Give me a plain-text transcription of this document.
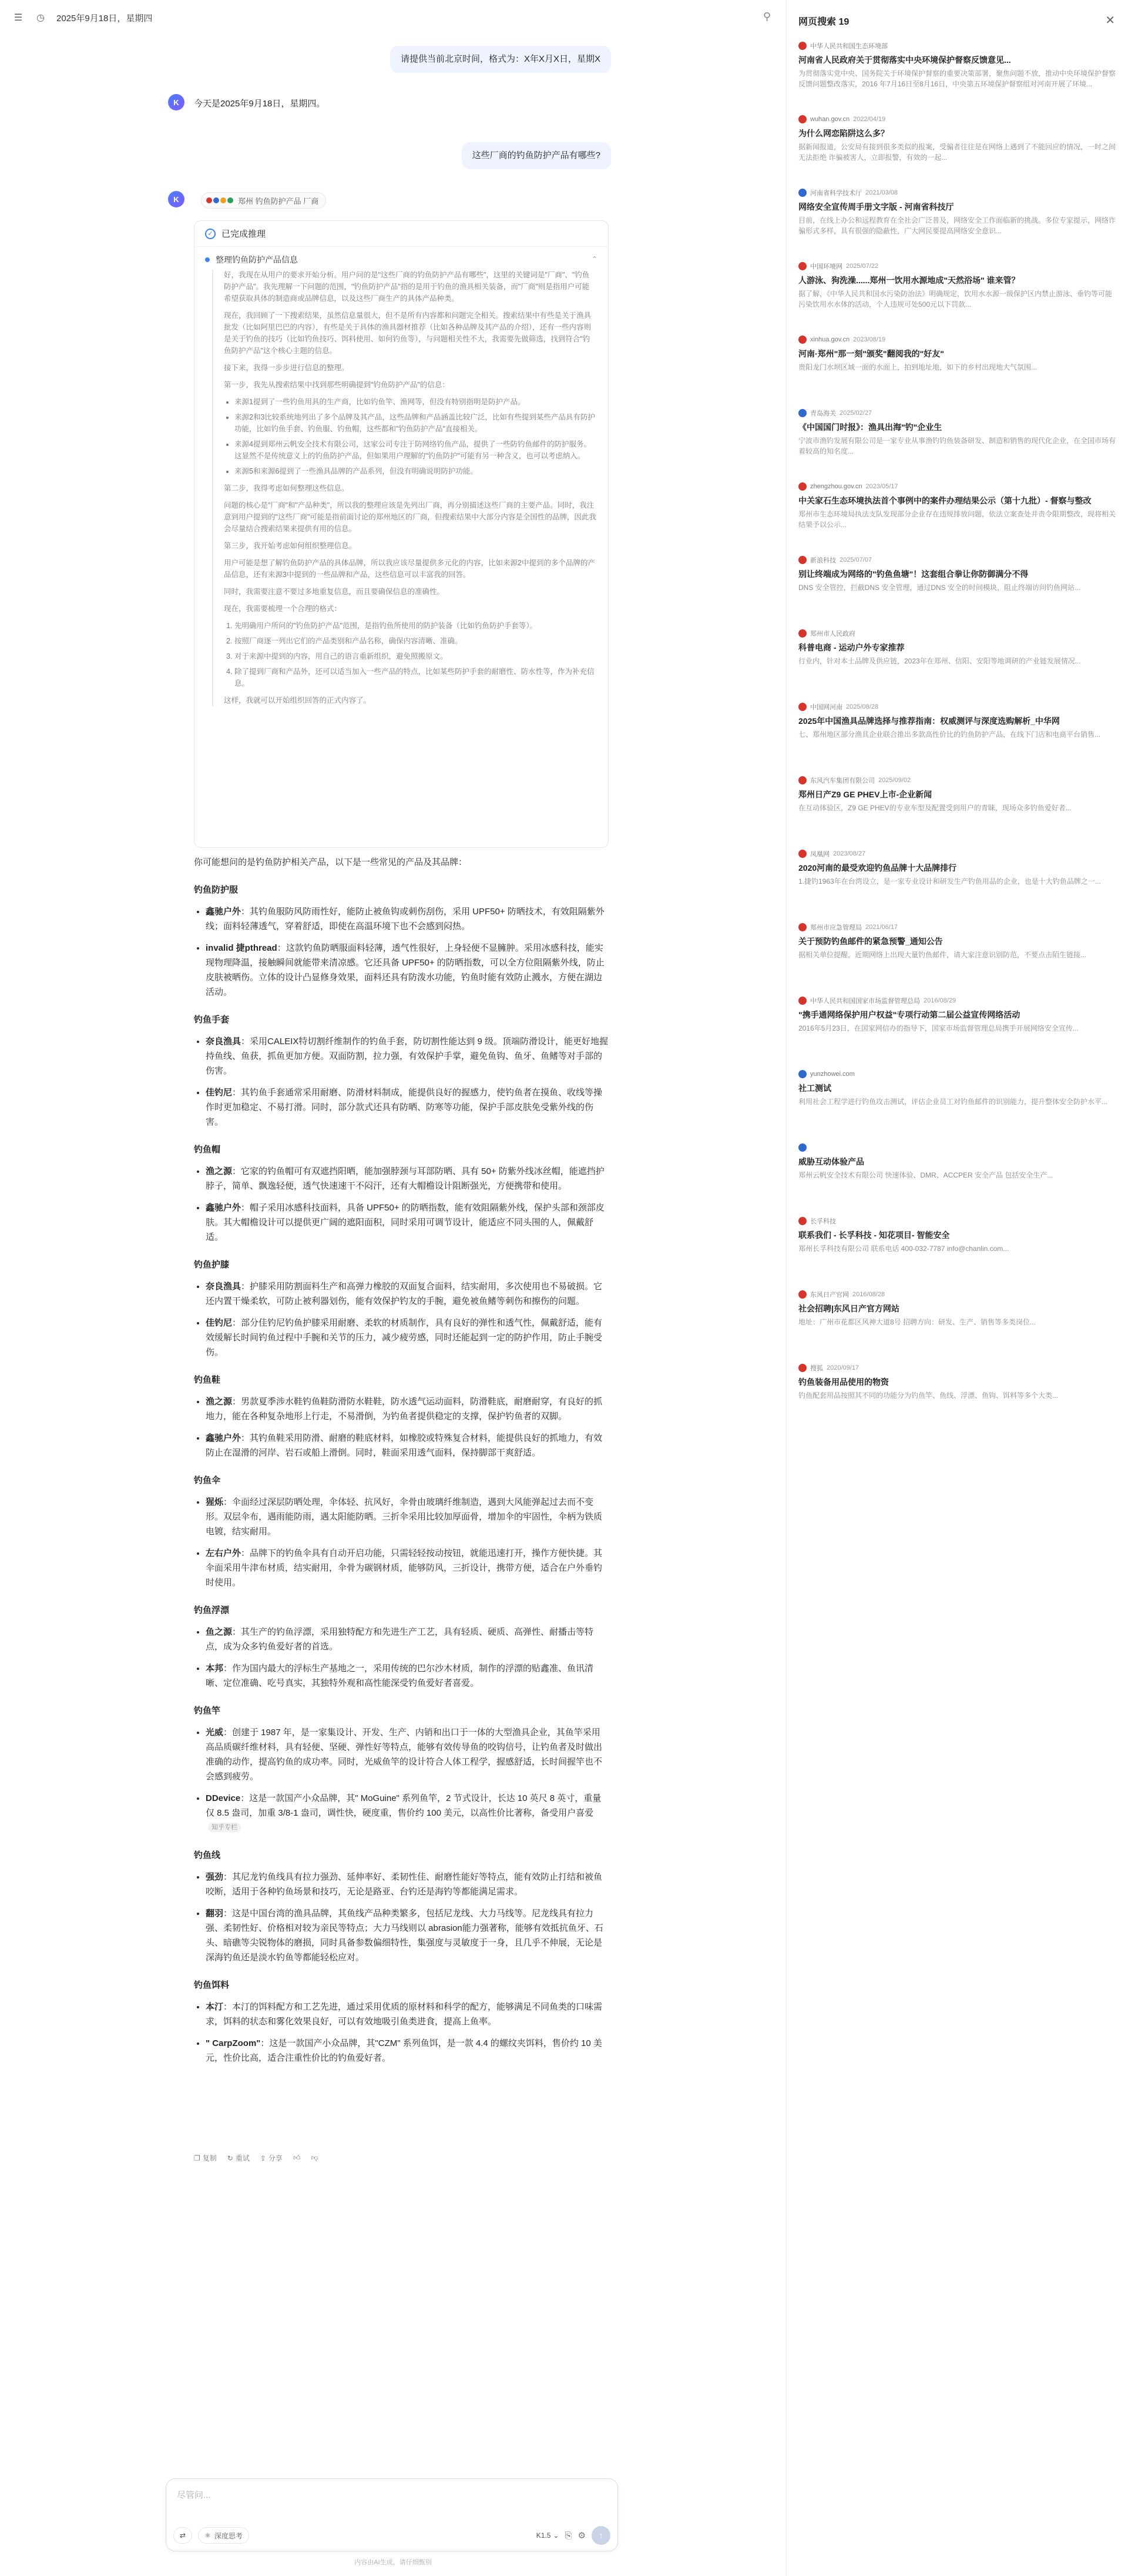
☰ ◷ 2025年9月18日，星期四	⚲
请提供当前北京时间，格式为：X年X月X日，星期X
K	今天是2025年9月18日，星期四。
这些厂商的钓鱼防护产品有哪些?
K	郑州 钓鱼防护产品 厂商
✓ 已完成推理
整理钓鱼防护产品信息	⌃

好，我现在从用户的要求开始分析。用户问的是"这些厂商的钓鱼防护产品有哪些"，这里的关键词是"厂商"、"钓鱼防护产品"。我先理解一下问题的范围，"钓鱼防护产品"指的是用于钓鱼的渔具相关装备，而"厂商"则是指用户可能希望获取具体的制造商或品牌信息，以及这些厂商生产的具体产品种类。

现在，我回顾了一下搜索结果，虽然信息量很大，但不是所有内容都和问题完全相关。搜索结果中有些是关于渔具批发（比如阿里巴巴的内容），有些是关于具体的渔具器材推荐（比如各种品牌及其产品的介绍），还有一些内容则是关于钓鱼的技巧（比如钓鱼技巧、饵料使用、如何钓鱼等），与问题相关性不大，我需要先做筛选，找到符合"钓鱼防护产品"这个核心主题的信息。

接下来，我得一步步进行信息的整理。

第一步，我先从搜索结果中找到那些明确提到"钓鱼防护产品"的信息：

• 来源1提到了一些钓鱼用具的生产商，比如钓鱼竿、渔网等，但没有特别指明是防护产品。
• 来源2和3比较系统地列出了多个品牌及其产品，这些品牌和产品涵盖比较广泛，比如有些提到某些产品具有防护功能，比如钓鱼手套、钓鱼服、钓鱼帽，这些都和"钓鱼防护产品"直接相关。
• 来源4提到郑州云帆安全技术有限公司，这家公司专注于防网络钓鱼产品，提供了一些防钓鱼邮件的防护服务。这显然不是传统意义上的钓鱼防护产品，但如果用户理解的"钓鱼防护"可能有另一种含义，也可以考虑纳入。
• 来源5和来源6提到了一些渔具品牌的产品系列，但没有明确说明防护功能。

第二步，我得考虑如何整理这些信息。

问题的核心是"厂商"和"产品种类"，所以我的整理应该是先列出厂商，再分别描述这些厂商的主要产品。同时，我注意到用户提到的"这些厂商"可能是指前面讨论的郑州地区的厂商，但搜索结果中大部分内容是全国性的品牌，因此我会尽量结合搜索结果来提供有用的信息。

第三步，我开始考虑如何组织整理信息。

用户可能是想了解钓鱼防护产品的具体品牌，所以我应该尽量提供多元化的内容，比如来源2中提到的多个品牌的产品信息，还有来源3中提到的一些品牌和产品，这些信息可以丰富我的回答。

同时，我需要注意不要过多地重复信息，而且要确保信息的准确性。

现在，我需要梳理一个合理的格式：

1. 先明确用户所问的"钓鱼防护产品"范围，是指钓鱼所使用的防护装备（比如钓鱼防护手套等）。
2. 按照厂商逐一列出它们的产品类别和产品名称，确保内容清晰、准确。
3. 对于来源中提到的内容，用自己的语言重新组织，避免照搬原文。
4. 除了提到厂商和产品外，还可以适当加入一些产品的特点，比如某些防护手套的耐磨性、防水性等，作为补充信息。

这样，我就可以开始组织回答的正式内容了。

你可能想问的是钓鱼防护相关产品，以下是一些常见的产品及其品牌：
钓鱼防护服
• 鑫驰户外：其钓鱼服防风防雨性好，能防止被鱼钩或刺伤刮伤，采用 UPF50+ 防晒技术，有效阻隔紫外线；面料轻薄透气，穿着舒适，即使在高温环境下也不会感到闷热。
• invalid 捷pthread：这款钓鱼防晒服面料轻薄，透气性很好，上身轻便不显臃肿。采用冰感科技，能实现物理降温，接触瞬间就能带来清凉感。它还具备 UPF50+ 的防晒指数，可以全方位阻隔紫外线，防止皮肤被晒伤。立体的设计凸显修身效果，面料还具有防泼水功能，钓鱼时能有效防止溅水，方便在湖边活动。
钓鱼手套
• 奈良渔具：采用CALEIX特切割纤维制作的钓鱼手套，防切割性能达到 9 级。顶端防滑设计，能更好地握持鱼线、鱼获，抓鱼更加方便。双面防割，拉力强，有效保护手掌，避免鱼钩、鱼牙、鱼鳍等对手部的伤害。
• 佳钓尼：其钓鱼手套通常采用耐磨、防滑材料制成，能提供良好的握感力，使钓鱼者在摸鱼、收线等操作时更加稳定、不易打滑。同时，部分款式还具有防晒、防寒等功能，保护手部皮肤免受紫外线的伤害。
钓鱼帽
• 渔之源：它家的钓鱼帽可有双遮挡阳晒，能加强脖颈与耳部防晒、具有 50+ 防紫外线冰丝帽，能遮挡护脖子，简单、飘逸轻便，透气快速速干不闷汗，还有大帽檐设计阻断强光，方便携带和使用。
• 鑫驰户外：帽子采用冰感科技面料，具备 UPF50+ 的防晒指数，能有效阻隔紫外线，保护头部和颈部皮肤。其大帽檐设计可以提供更广阔的遮阳面积，同时采用可调节设计，能适应不同头围的人，佩戴舒适。
钓鱼护膝
• 奈良渔具：护膝采用防割面料生产和高弹力橡胶的双面复合面料，结实耐用，多次使用也不易破损。它还内置干燥柔软，可防止被利器划伤，能有效保护钓友的手腕，避免被鱼鳍等刺伤和擦伤的问题。
• 佳钓尼：部分佳钓尼钓鱼护膝采用耐磨、柔软的材质制作，具有良好的弹性和透气性，佩戴舒适，能有效缓解长时间钓鱼过程中手腕和关节的压力，减少疲劳感，同时还能起到一定的防护作用，防止手腕受伤。
钓鱼鞋
• 渔之源：男款夏季涉水鞋钓鱼鞋防滑防水鞋鞋，防水透气运动面料，防滑鞋底，耐磨耐穿，有良好的抓地力，能在各种复杂地形上行走，不易滑倒，为钓鱼者提供稳定的支撑，保护钓鱼者的双脚。
• 鑫驰户外：其钓鱼鞋采用防滑、耐磨的鞋底材料，如橡胶或特殊复合材料，能提供良好的抓地力，有效防止在湿滑的河岸、岩石或船上滑倒。同时，鞋面采用透气面料，保持脚部干爽舒适。
钓鱼伞
• 猩烁：伞面经过深层防晒处理，伞体轻、抗风好，伞骨由玻璃纤维制造，遇到大风能弹起过去而不变形。双层伞布，遇雨能防雨，遇太阳能防晒。三折伞采用比较加厚面骨，增加伞的牢固性，伞柄为铁质电镀，结实耐用。
• 左右户外：品牌下的钓鱼伞具有自动开启功能，只需轻轻按动按钮，就能迅速打开，操作方便快捷。其伞面采用牛津布材质，结实耐用，伞骨为碳钢材质，能够防风，三折设计，携带方便，适合在户外垂钓时使用。
钓鱼浮漂
• 鱼之源：其生产的钓鱼浮漂，采用独特配方和先进生产工艺，具有轻质、硬质、高弹性、耐播击等特点，成为众多钓鱼爱好者的首选。
• 本邦：作为国内最大的浮标生产基地之一，采用传统的巴尔沙木材质，制作的浮漂的贴鑫准、鱼讯清晰、定位准确、吃号真实，其独特外观和高性能深受钓鱼爱好者喜爱。
钓鱼竿
• 光威：创建于 1987 年，是一家集设计、开发、生产、内销和出口于一体的大型渔具企业，其鱼竿采用高品质碳纤维材料，具有轻便、坚硬、弹性好等特点，能够有效传导鱼的咬钩信号，让钓鱼者及时做出准确的动作，提高钓鱼的成功率。同时，光威鱼竿的设计符合人体工程学，握感舒适，长时间握竿也不会感到疲劳。
• DDevice：这是一款国产小众品牌，其" MoGuine" 系列鱼竿，2 节式设计，长达 10 英尺 8 英寸，重量仅 8.5 盎司，加重 3/8-1 盎司，调性快，硬度重，售价约 100 美元，以高性价比著称，备受用户喜爱知乎专栏
钓鱼线
• 强劲：其尼龙钓鱼线具有拉力强劲、延伸率好、柔韧性佳、耐磨性能好等特点，能有效防止打结和被鱼咬断，适用于各种钓鱼场景和技巧，无论是路亚、台钓还是海钓等都能满足需求。
• 翻羽：这是中国台湾的渔具品牌，其鱼线产品种类繁多，包括尼龙线、大力马线等。尼龙线具有拉力强、柔韧性好、价格相对较为亲民等特点；大力马线则以 abrasion能力强著称，能够有效抵抗鱼牙、石头、暗礁等尖锐物体的磨损，同时具备参数偏细特性，集强度与灵敏度于一身，且几乎不伸展，无论是深海钓鱼还是淡水钓鱼等都能轻松应对。
钓鱼饵料
• 本汀：本汀的饵料配方和工艺先进，通过采用优质的原材料和科学的配方，能够满足不同鱼类的口味需求，饵料的状态和雾化效果良好，可以有效地吸引鱼类进食，提高上鱼率。
• " CarpZoom"：这是一款国产小众品牌，其"CZM" 系列鱼饵，是一款 4.4 的螺纹夹饵料，售价约 10 美元，性价比高，适合注重性价比的钓鱼爱好者。
❐ 复制 ↻ 重试 ⇪ 分享 👍︎ 👎︎
尽管问...
⇄	⚛ 深度思考	K1.5 ⌄ ⎘ ⚙ ↑
内容由AI生成，请仔细甄别
网页搜索 19	✕
中华人民共和国生态环境部
河南省人民政府关于贯彻落实中央环境保护督察反馈意见...
为贯彻落实党中央、国务院关于环境保护督察的重要决策部署，聚焦问题不放，推动中央环境保护督察反馈问题整改落实，2016 年7月16日至8月16日，中央第五环境保护督察组对河南开展了环境...
wuhan.gov.cn 2022/04/19
为什么网恋陷阱这么多？
据新闻报道，公安局有接到很多类似的报案，受骗者往往是在网络上遇到了不能回应的情况，一时之间无法拒绝 诈骗被害人，立即报警，有效的一起...
河南省科学技术厅 2021/03/08
网络安全宣传周手册文字版 - 河南省科技厅
目前，在线上办公和远程教育在全社会广泛普及，网络安全工作面临新的挑战。多位专家提示，网络诈骗形式多样，具有很强的隐蔽性，广大网民要提高网络安全意识...
中国环境网 2025/07/22
人游泳、狗洗澡......郑州一饮用水源地成"天然浴场" 谁来管？
据了解，《中华人民共和国水污染防治法》明确规定，饮用水水源一级保护区内禁止游泳、垂钓等可能污染饮用水水体的活动，个人违规可处500元以下罚款...
xinhua.gov.cn 2023/08/19
河南·郑州"那一刻"颁奖"翻阅我的"好友"
贵阳龙门水坝区域一面的水面上，拍到地址地，如下的乡村出现地大气氛围...
青岛海关 2025/02/27
《中国国门时报》：渔具出海"钓"企业生
宁波市渔钓发展有限公司是一家专业从事渔钓钓鱼装备研发、制造和销售的现代化企业，在全国市场有着较高的知名度...
zhengzhou.gov.cn 2023/05/17
中关家石生态环境执法首个事例中的案件办理结果公示（第十九批）- 督察与整改
郑州市生态环境局执法支队发现部分企业存在违规排放问题，依法立案查处并责令限期整改，现将相关结果予以公示...
新浪科技 2025/07/07
别让终端成为网络的"钓鱼鱼塘"！这套组合拳让你防御满分不得
DNS 安全管控，拦截DNS 安全管理，通过DNS 安全的时间模块，阻止终端访问钓鱼网站...
郑州市人民政府
科普电商 - 运动户外专家推荐
行业内，针对本土品牌及供应链，2023年在郑州、信阳、安阳等地调研的产业链发展情况...
中国网河南 2025/08/28
2025年中国渔具品牌选择与推荐指南：权威测评与深度选购解析_中华网
七、郑州地区部分渔具企业联合推出多款高性价比的钓鱼防护产品，在线下门店和电商平台销售...
东风汽车集团有限公司 2025/09/02
郑州日产Z9 GE PHEV上市-企业新闻
在互动体验区，Z9 GE PHEV的专业车型及配置受到用户的青睐，现场众多钓鱼爱好者...
凤凰网 2023/08/27
2020河南的最受欢迎钓鱼品牌十大品牌排行
1.捷钓1963年在台湾设立，是一家专业设计和研发生产钓鱼用品的企业，也是十大钓鱼品牌之一...
郑州市应急管理局 2021/06/17
关于预防钓鱼邮件的紧急预警_通知公告
据相关单位提醒，近期网络上出现大量钓鱼邮件，请大家注意识别防范，不要点击陌生链接...
中华人民共和国国家市场监督管理总局 2016/08/29
"携手通网络保护用户权益"专项行动第二届公益宣传网络活动
2016年5月23日，在国家网信办的指导下，国家市场监督管理总局携手开展网络安全宣传...
yunzhowei.com
社工测试
利用社会工程学进行钓鱼攻击测试，评估企业员工对钓鱼邮件的识别能力，提升整体安全防护水平...
威胁互动体验产品
郑州云帆安全技术有限公司 快速体验、DMR、ACCPER 安全产品 包括安全生产...
长孚科技
联系我们 - 长孚科技 - 知花项目- 智能安全
郑州长孚科技有限公司 联系电话 400-032-7787 info@chanlin.com...
东风日产官网 2016/08/28
社会招聘|东风日产官方网站
地址：广州市花都区风神大道8号 招聘方向：研发、生产、销售等多类岗位...
搜狐 2020/09/17
钓鱼装备用品使用的物资
钓鱼配套用品按照其不同的功能分为钓鱼竿、鱼线、浮漂、鱼钩、饵料等多个大类...
